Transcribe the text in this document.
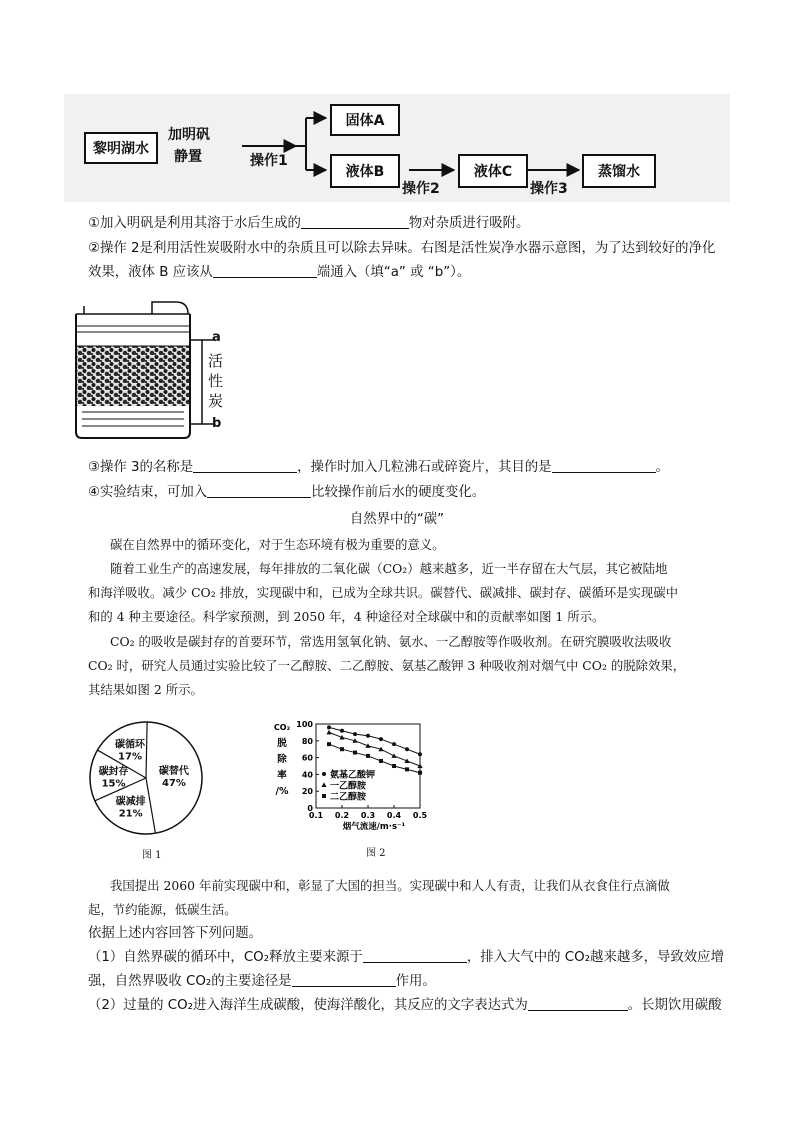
黎明湖水
加明矾
静置	操作1
固体A
液体B
操作2
液体C
操作3
蒸馏水
①加入明矾是利用其溶于水后生成的	物对杂质进行吸附。
②操作 2是利用活性炭吸附水中的杂质且可以除去异味。右图是活性炭净水器示意图，为了达到较好的净化
效果，液体 B 应该从	端通入（填“a” 或 “b”）。
a
b
活
性
炭
③操作 3的名称是	，操作时加入几粒沸石或碎瓷片，其目的是	。
④实验结束，可加入	比较操作前后水的硬度变化。
自然界中的“碳”
碳在自然界中的循环变化，对于生态环境有极为重要的意义。
随着工业生产的高速发展，每年排放的二氧化碳（CO₂）越来越多，近一半存留在大气层，其它被陆地
和海洋吸收。减少 CO₂ 排放，实现碳中和，已成为全球共识。碳替代、碳减排、碳封存、碳循环是实现碳中
和的 4 种主要途径。科学家预测，到 2050 年，4 种途径对全球碳中和的贡献率如图 1 所示。
CO₂ 的吸收是碳封存的首要环节，常选用氢氧化钠、氨水、一乙醇胺等作吸收剂。在研究膜吸收法吸收
CO₂ 时，研究人员通过实验比较了一乙醇胺、二乙醇胺、氨基乙酸钾 3 种吸收剂对烟气中 CO₂ 的脱除效果，
其结果如图 2 所示。
碳替代
47%
碳减排
21%
碳封存
15%
碳循环
17%
图 1
0
20
40
60
80
100
0.1 0.2 0.3 0.4 0.5
CO₂
脱
除
率
/%
烟气流速/m·s⁻¹
氨基乙酸钾
一乙醇胺
二乙醇胺
图 2
我国提出 2060 年前实现碳中和，彰显了大国的担当。实现碳中和人人有责，让我们从衣食住行点滴做
起，节约能源，低碳生活。
依据上述内容回答下列问题。
（1）自然界碳的循环中，CO₂释放主要来源于	，排入大气中的 CO₂越来越多，导致效应增
强，自然界吸收 CO₂的主要途径是	作用。
（2）过量的 CO₂进入海洋生成碳酸，使海洋酸化，其反应的文字表达式为	。长期饮用碳酸
